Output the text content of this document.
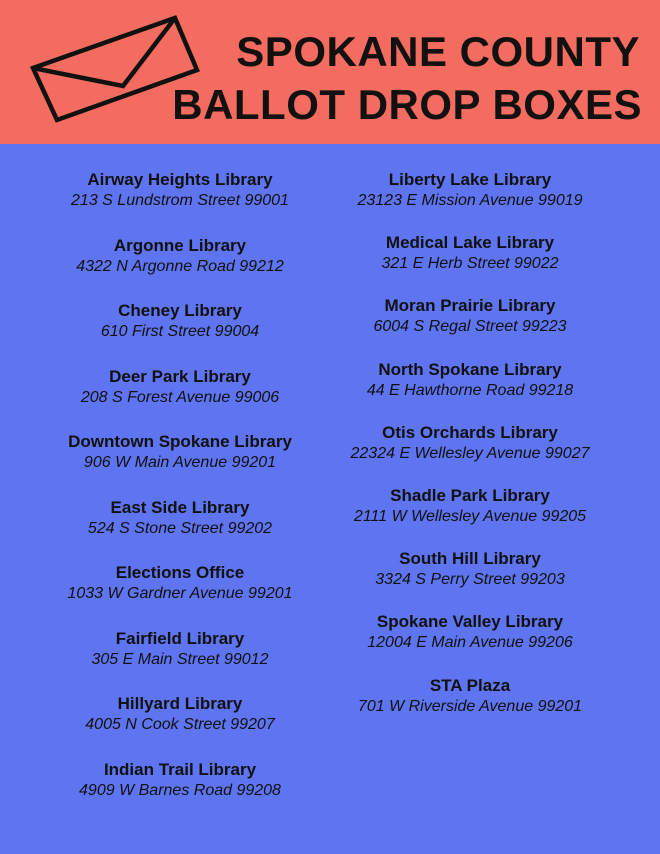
SPOKANE COUNTY
BALLOT DROP BOXES
Airway Heights Library
213 S Lundstrom Street 99001
Argonne Library
4322 N Argonne Road 99212
Cheney Library
610 First Street 99004
Deer Park Library
208 S Forest Avenue 99006
Downtown Spokane Library
906 W Main Avenue 99201
East Side Library
524 S Stone Street 99202
Elections Office
1033 W Gardner Avenue 99201
Fairfield Library
305 E Main Street 99012
Hillyard Library
4005 N Cook Street 99207
Indian Trail Library
4909 W Barnes Road 99208
Liberty Lake Library
23123 E Mission Avenue 99019
Medical Lake Library
321 E Herb Street 99022
Moran Prairie Library
6004 S Regal Street 99223
North Spokane Library
44 E Hawthorne Road 99218
Otis Orchards Library
22324 E Wellesley Avenue 99027
Shadle Park Library
2111 W Wellesley Avenue 99205
South Hill Library
3324 S Perry Street 99203
Spokane Valley Library
12004 E Main Avenue 99206
STA Plaza
701 W Riverside Avenue 99201
